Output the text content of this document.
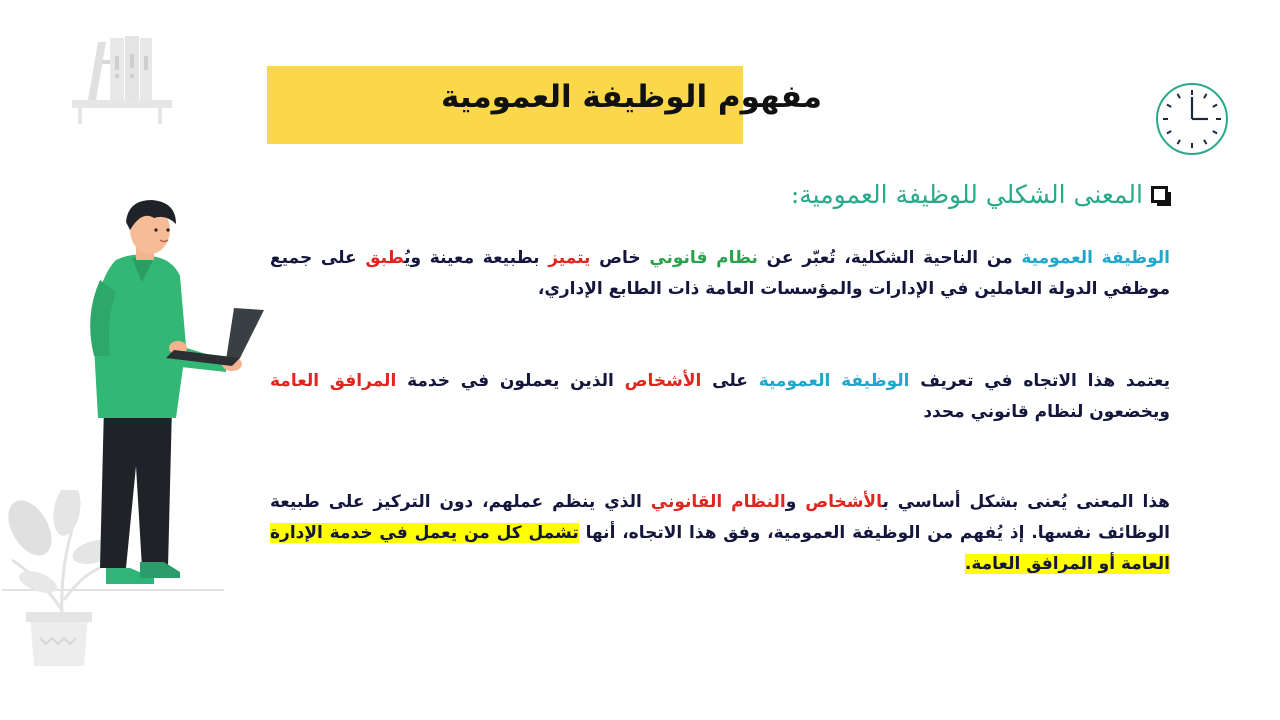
مفهوم الوظيفة العمومية
المعنى الشكلي للوظيفة العمومية:
الوظيفة العمومية من الناحية الشكلية، تُعبّر عن نظام قانوني خاص يتميز بطبيعة معينة ويُطبق على جميع موظفي الدولة العاملين في الإدارات والمؤسسات العامة ذات الطابع الإداري،
يعتمد هذا الاتجاه في تعريف الوظيفة العمومية على الأشخاص الذين يعملون في خدمة المرافق العامة ويخضعون لنظام قانوني محدد
هذا المعنى يُعنى بشكل أساسي بالأشخاص والنظام القانوني الذي ينظم عملهم، دون التركيز على طبيعة الوظائف نفسها. إذ يُفهم من الوظيفة العمومية، وفق هذا الاتجاه، أنها تشمل كل من يعمل في خدمة الإدارة العامة أو المرافق العامة.
